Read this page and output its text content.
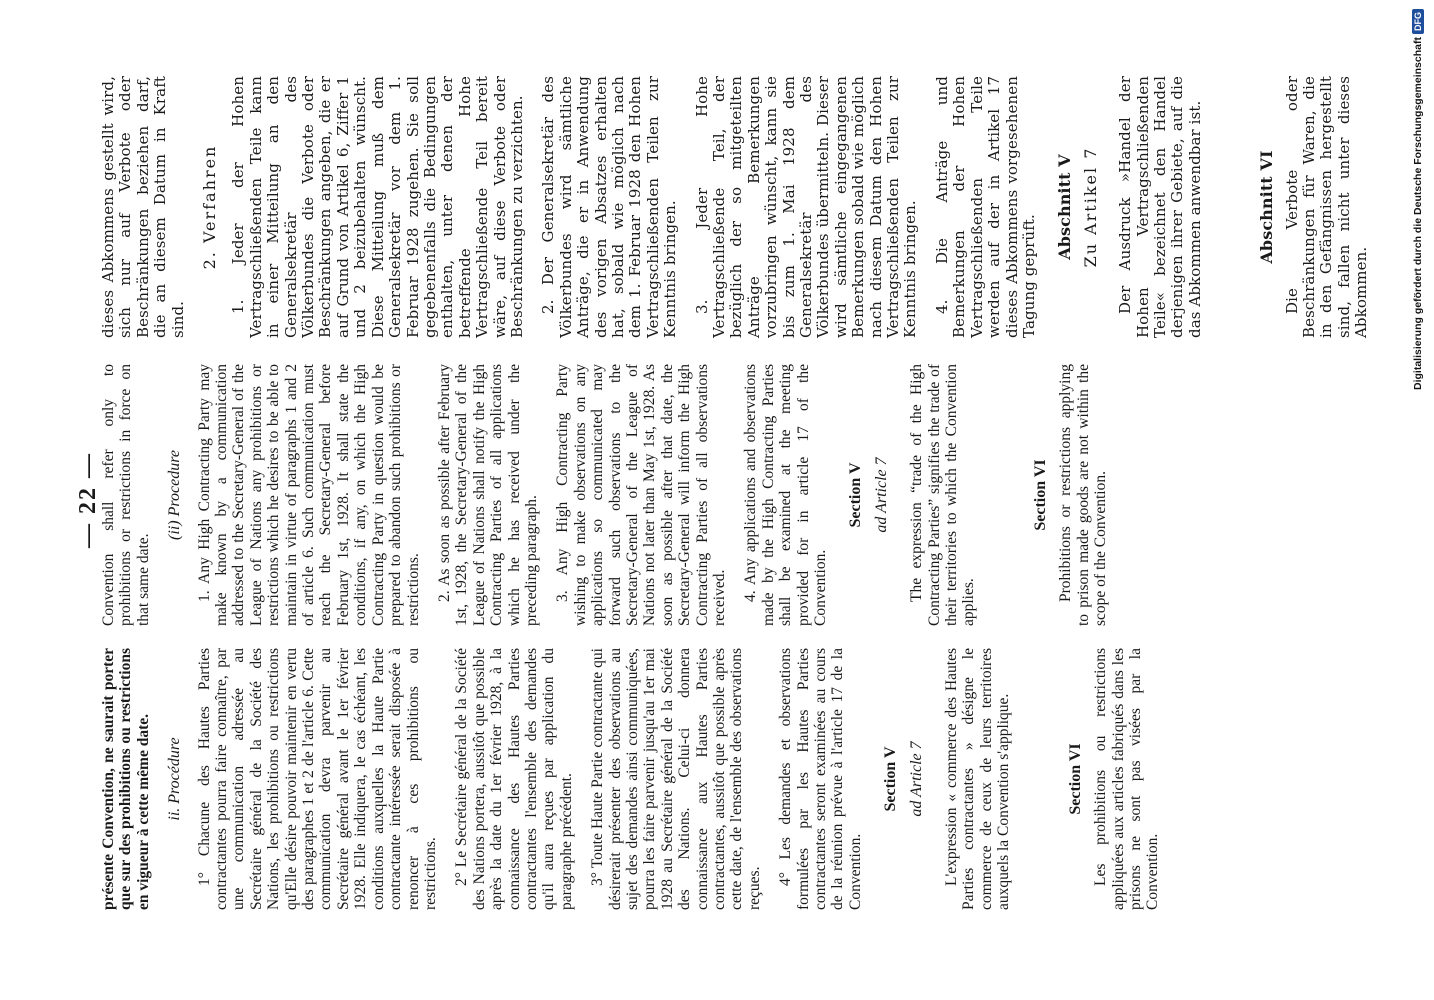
— 22 —

présente Convention, ne saurait porter que sur des prohibitions ou restrictions en vigueur à cette même date. ii. Procédure 1° Chacune des Hautes Parties contractantes pourra faire connaître, par une communication adressée au Secrétaire général de la Société des Nations, les prohibitions ou restrictions qu'Elle désire pouvoir maintenir en vertu des paragraphes 1 et 2 de l'article 6. Cette communication devra parvenir au Secrétaire général avant le 1er février 1928. Elle indiquera, le cas échéant, les conditions auxquelles la Haute Partie contractante intéressée serait disposée à renoncer à ces prohibitions ou restrictions. 2° Le Secrétaire général de la Société des Nations portera, aussitôt que possible après la date du 1er février 1928, à la connaissance des Hautes Parties contractantes l'ensemble des demandes qu'il aura reçues par application du paragraphe précédent. 3° Toute Haute Partie contractante qui désirerait présenter des observations au sujet des demandes ainsi communiquées, pourra les faire parvenir jusqu'au 1er mai 1928 au Secrétaire général de la Société des Nations. Celui-ci donnera connaissance aux Hautes Parties contractantes, aussitôt que possible après cette date, de l'ensemble des observations reçues.

4° Les demandes et observations formulées par les Hautes Parties contractantes seront examinées au cours de la réunion prévue à l'article 17 de la Convention.

Section V ad Article 7 L'expression « commerce des Hautes Parties contractantes » désigne le commerce de ceux de leurs territoires auxquels la Convention s'applique.	Section VI Les prohibitions ou restrictions appliquées aux articles fabriqués dans les prisons ne sont pas visées par la Convention.

Convention shall refer only to prohibitions or restrictions in force on that same date.

(ii) Procedure 1. Any High Contracting Party may make known by a communication addressed to the Secretary-General of the League of Nations any prohibitions or restrictions which he desires to be able to maintain in virtue of paragraphs 1 and 2 of article 6. Such communication must reach the Secretary-General before February 1st, 1928. It shall state the conditions, if any, on which the High Contracting Party in question would be prepared to abandon such prohibitions or restrictions. 2. As soon as possible after February 1st, 1928, the Secretary-General of the League of Nations shall notify the High Contracting Parties of all applications which he has received under the preceding paragraph. 3. Any High Contracting Party wishing to make observations on any applications so communicated may forward such observations to the Secretary-General of the League of Nations not later than May 1st, 1928. As soon as possible after that date, the Secretary-General will inform the High Contracting Parties of all observations received. 4. Any applications and observations made by the High Contracting Parties shall be examined at the meeting provided for in article 17 of the Convention.

Section V ad Article 7 The expression “trade of the High Contracting Parties” signifies the trade of their territories to which the Convention applies.

Section VI Prohibitions or restrictions applying to prison made goods are not within the scope of the Convention.

dieses Abkommens gestellt wird, sich nur auf Verbote oder Beschränkungen beziehen darf, die an diesem Datum in Kraft sind.

2. Verfahren 1. Jeder der Hohen Vertragschließenden Teile kann in einer Mitteilung an den Generalsekretär des Völkerbundes die Verbote oder Beschränkungen angeben, die er auf Grund von Artikel 6, Ziffer 1 und 2 beizubehalten wünscht. Diese Mitteilung muß dem Generalsekretär vor dem 1. Februar 1928 zugehen. Sie soll gegebenenfalls die Bedingungen enthalten, unter denen der betreffende Hohe Vertragschließende Teil bereit wäre, auf diese Verbote oder Beschränkungen zu verzichten. 2. Der Generalsekretär des Völkerbundes wird sämtliche Anträge, die er in Anwendung des vorigen Absatzes erhalten hat, sobald wie möglich nach dem 1. Februar 1928 den Hohen Vertragschließenden Teilen zur Kenntnis bringen. 3. Jeder Hohe Vertragschließende Teil, der bezüglich der so mitgeteilten Anträge Bemerkungen vorzubringen wünscht, kann sie bis zum 1. Mai 1928 dem Generalsekretär des Völkerbundes übermitteln. Dieser wird sämtliche eingegangenen Bemerkungen sobald wie möglich nach diesem Datum den Hohen Vertragschließenden Teilen zur Kenntnis bringen. 4. Die Anträge und Bemerkungen der Hohen Vertragschließenden Teile werden auf der in Artikel 17 dieses Abkommens vorgesehenen Tagung geprüft.

Abschnitt V Zu Artikel 7 Der Ausdruck »Handel der Hohen Vertragschließenden Teile« bezeichnet den Handel derjenigen ihrer Gebiete, auf die das Abkommen anwendbar ist.	Abschnitt VI Die Verbote oder Beschränkungen für Waren, die in den Gefängnissen hergestellt sind, fallen nicht unter dieses Abkommen.	Digitalisierung gefördert durch die Deutsche Forschungsgemeinschaft
DFG
